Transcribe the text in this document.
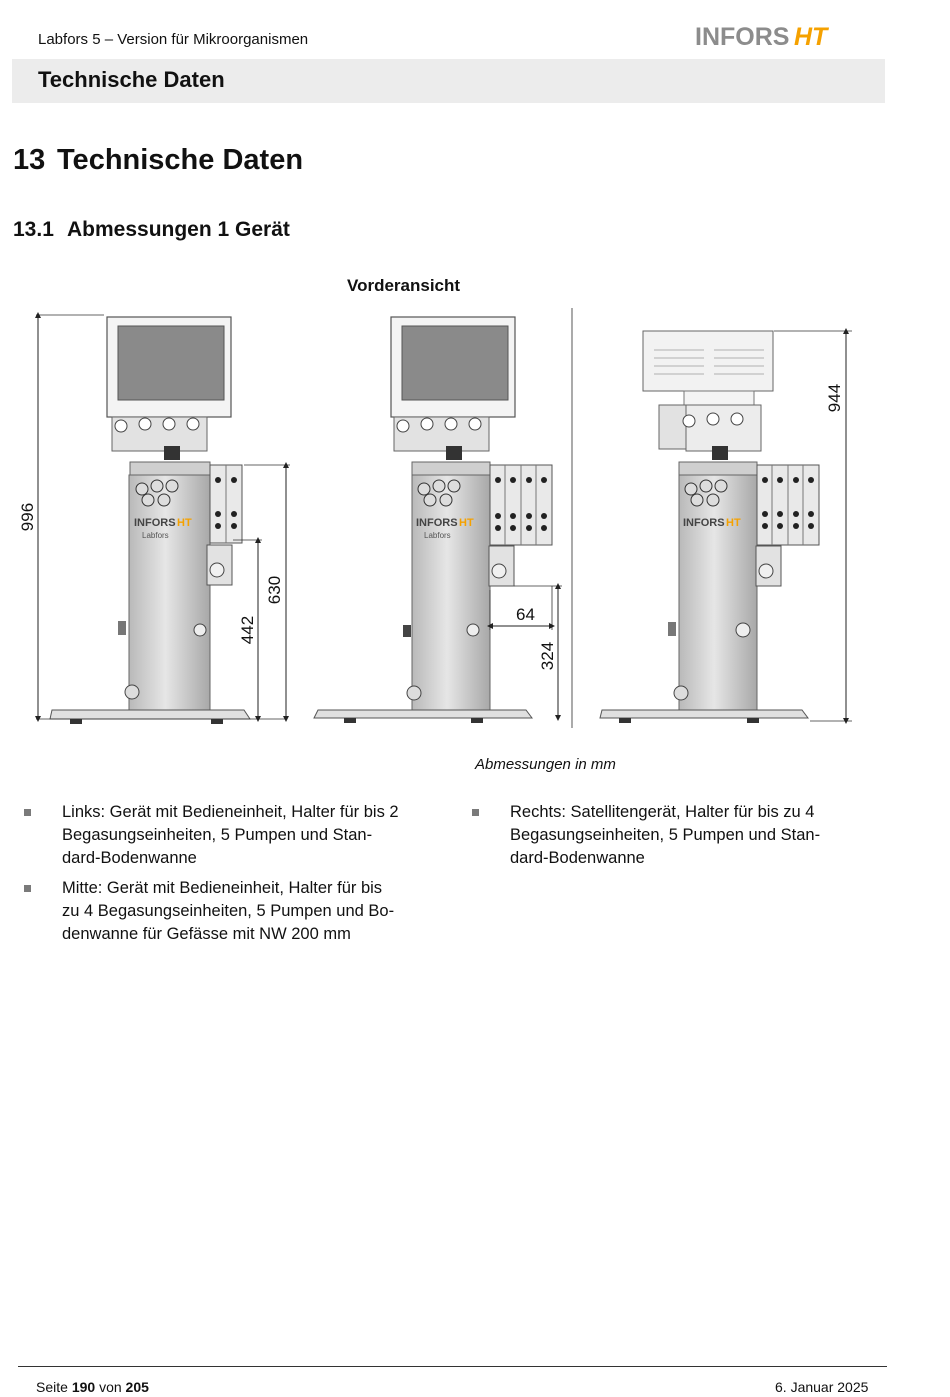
Labfors 5 – Version für Mikroorganismen	INFORS HT
Technische Daten
13 Technische Daten
13.1 Abmessungen 1 Gerät
Vorderansicht
INFORS HT
Labfors
996
630
442
INFORS HT
Labfors
64
324
INFORS HT
944
Abmessungen in mm
Links: Gerät mit Bedieneinheit, Halter für bis 2
Begasungseinheiten, 5 Pumpen und Stan-
dard-Bodenwanne
Mitte: Gerät mit Bedieneinheit, Halter für bis
zu 4 Begasungseinheiten, 5 Pumpen und Bo-
denwanne für Gefässe mit NW 200 mm
Rechts: Satellitengerät, Halter für bis zu 4
Begasungseinheiten, 5 Pumpen und Stan-
dard-Bodenwanne
Seite 190 von 205	6. Januar 2025
